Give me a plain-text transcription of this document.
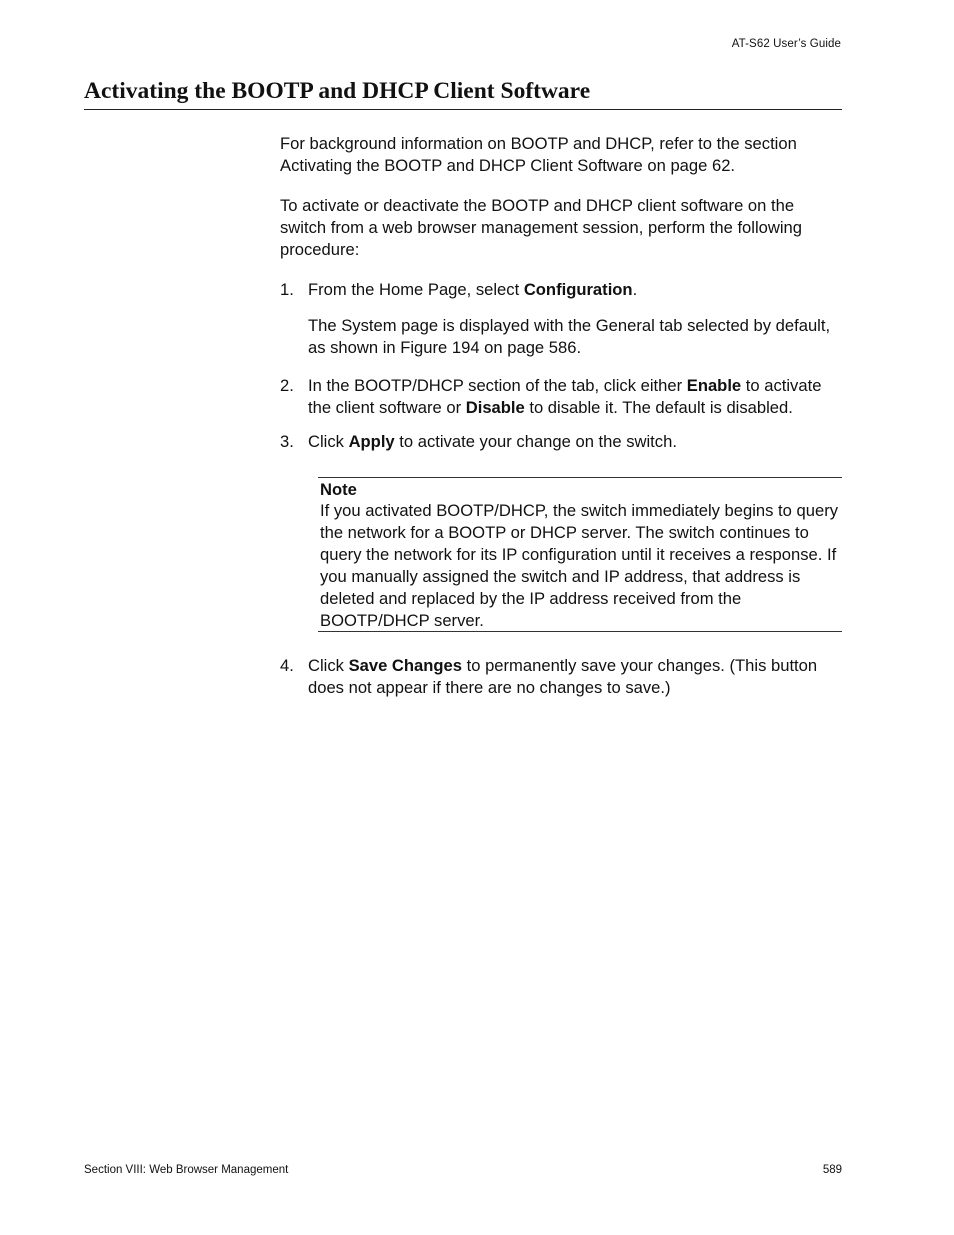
AT-S62 User’s Guide
Activating the BOOTP and DHCP Client Software

For background information on BOOTP and DHCP, refer to the section Activating the BOOTP and DHCP Client Software on page 62.

To activate or deactivate the BOOTP and DHCP client software on the switch from a web browser management session, perform the following procedure:

1. From the Home Page, select Configuration.

The System page is displayed with the General tab selected by default, as shown in Figure 194 on page 586.

2. In the BOOTP/DHCP section of the tab, click either Enable to activate the client software or Disable to disable it. The default is disabled.
3. Click Apply to activate your change on the switch.
Note

If you activated BOOTP/DHCP, the switch immediately begins to query the network for a BOOTP or DHCP server. The switch continues to query the network for its IP configuration until it receives a response. If you manually assigned the switch and IP address, that address is deleted and replaced by the IP address received from the BOOTP/DHCP server.

4. Click Save Changes to permanently save your changes. (This button does not appear if there are no changes to save.)
Section VIII: Web Browser Management	589
